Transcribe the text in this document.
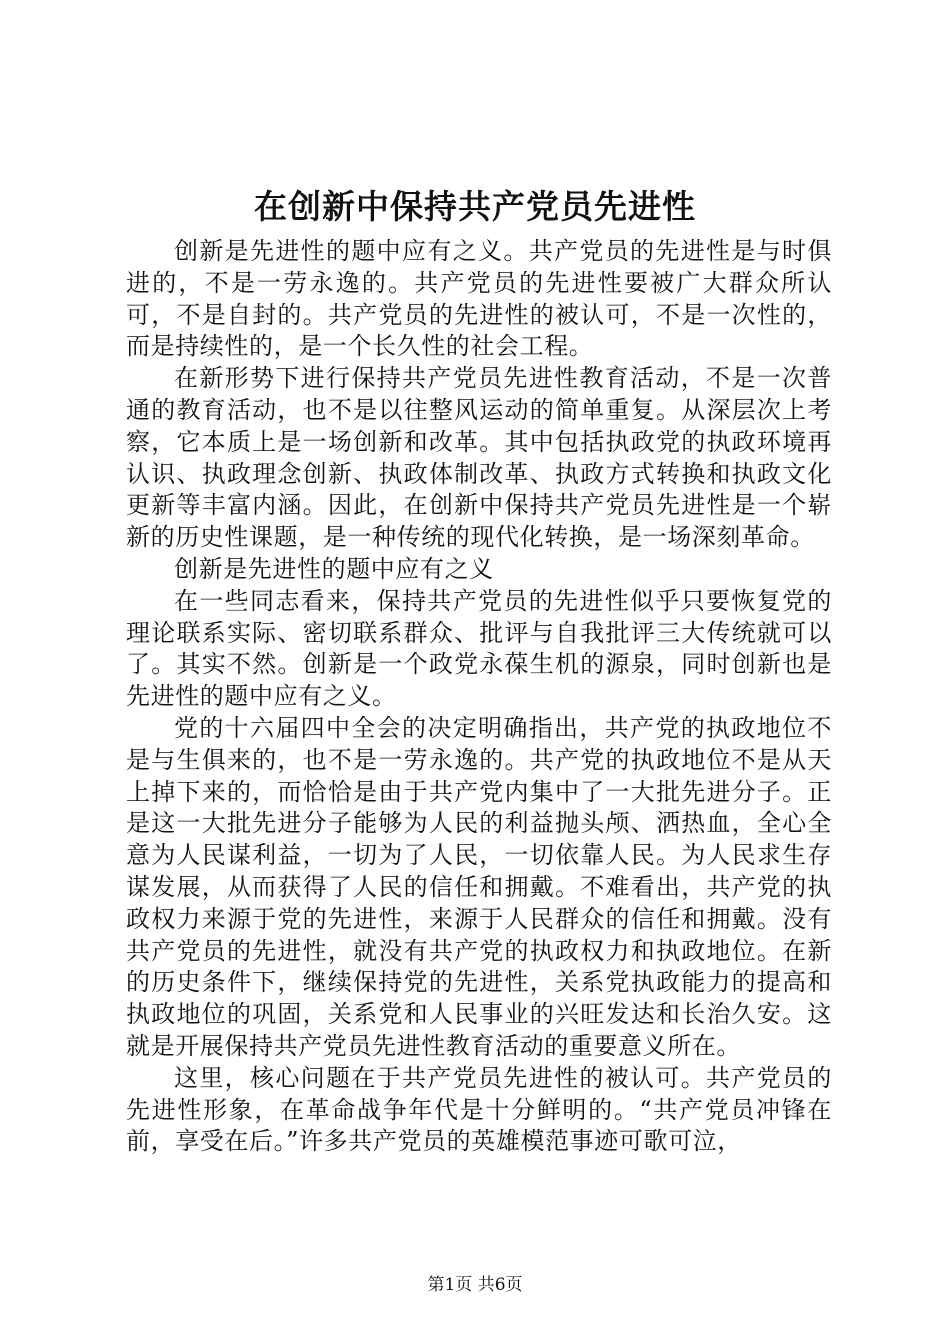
在创新中保持共产党员先进性

创新是先进性的题中应有之义。共产党员的先进性是与时俱进的，不是一劳永逸的。共产党员的先进性要被广大群众所认可，不是自封的。共产党员的先进性的被认可，不是一次性的，而是持续性的，是一个长久性的社会工程。

在新形势下进行保持共产党员先进性教育活动，不是一次普通的教育活动，也不是以往整风运动的简单重复。从深层次上考察，它本质上是一场创新和改革。其中包括执政党的执政环境再认识、执政理念创新、执政体制改革、执政方式转换和执政文化更新等丰富内涵。因此，在创新中保持共产党员先进性是一个崭新的历史性课题，是一种传统的现代化转换，是一场深刻革命。

创新是先进性的题中应有之义

在一些同志看来，保持共产党员的先进性似乎只要恢复党的理论联系实际、密切联系群众、批评与自我批评三大传统就可以了。其实不然。创新是一个政党永葆生机的源泉，同时创新也是先进性的题中应有之义。

党的十六届四中全会的决定明确指出，共产党的执政地位不是与生俱来的，也不是一劳永逸的。共产党的执政地位不是从天上掉下来的，而恰恰是由于共产党内集中了一大批先进分子。正是这一大批先进分子能够为人民的利益抛头颅、洒热血，全心全意为人民谋利益，一切为了人民，一切依靠人民。为人民求生存谋发展，从而获得了人民的信任和拥戴。不难看出，共产党的执政权力来源于党的先进性，来源于人民群众的信任和拥戴。没有共产党员的先进性，就没有共产党的执政权力和执政地位。在新的历史条件下，继续保持党的先进性，关系党执政能力的提高和执政地位的巩固，关系党和人民事业的兴旺发达和长治久安。这就是开展保持共产党员先进性教育活动的重要意义所在。

这里，核心问题在于共产党员先进性的被认可。共产党员的先进性形象，在革命战争年代是十分鲜明的。“共产党员冲锋在前，享受在后。”许多共产党员的英雄模范事迹可歌可泣，

第1页 共6页
